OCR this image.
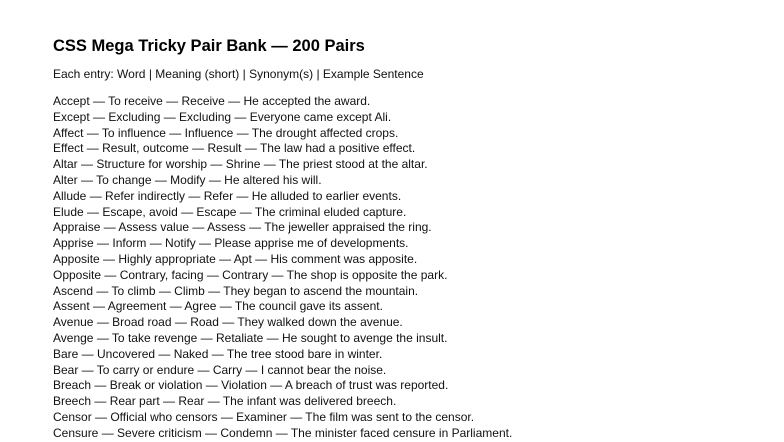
CSS Mega Tricky Pair Bank — 200 Pairs
Each entry: Word | Meaning (short) | Synonym(s) | Example Sentence
Accept — To receive — Receive — He accepted the award.
Except — Excluding — Excluding — Everyone came except Ali.
Affect — To influence — Influence — The drought affected crops.
Effect — Result, outcome — Result — The law had a positive effect.
Altar — Structure for worship — Shrine — The priest stood at the altar.
Alter — To change — Modify — He altered his will.
Allude — Refer indirectly — Refer — He alluded to earlier events.
Elude — Escape, avoid — Escape — The criminal eluded capture.
Appraise — Assess value — Assess — The jeweller appraised the ring.
Apprise — Inform — Notify — Please apprise me of developments.
Apposite — Highly appropriate — Apt — His comment was apposite.
Opposite — Contrary, facing — Contrary — The shop is opposite the park.
Ascend — To climb — Climb — They began to ascend the mountain.
Assent — Agreement — Agree — The council gave its assent.
Avenue — Broad road — Road — They walked down the avenue.
Avenge — To take revenge — Retaliate — He sought to avenge the insult.
Bare — Uncovered — Naked — The tree stood bare in winter.
Bear — To carry or endure — Carry — I cannot bear the noise.
Breach — Break or violation — Violation — A breach of trust was reported.
Breech — Rear part — Rear — The infant was delivered breech.
Censor — Official who censors — Examiner — The film was sent to the censor.
Censure — Severe criticism — Condemn — The minister faced censure in Parliament.
